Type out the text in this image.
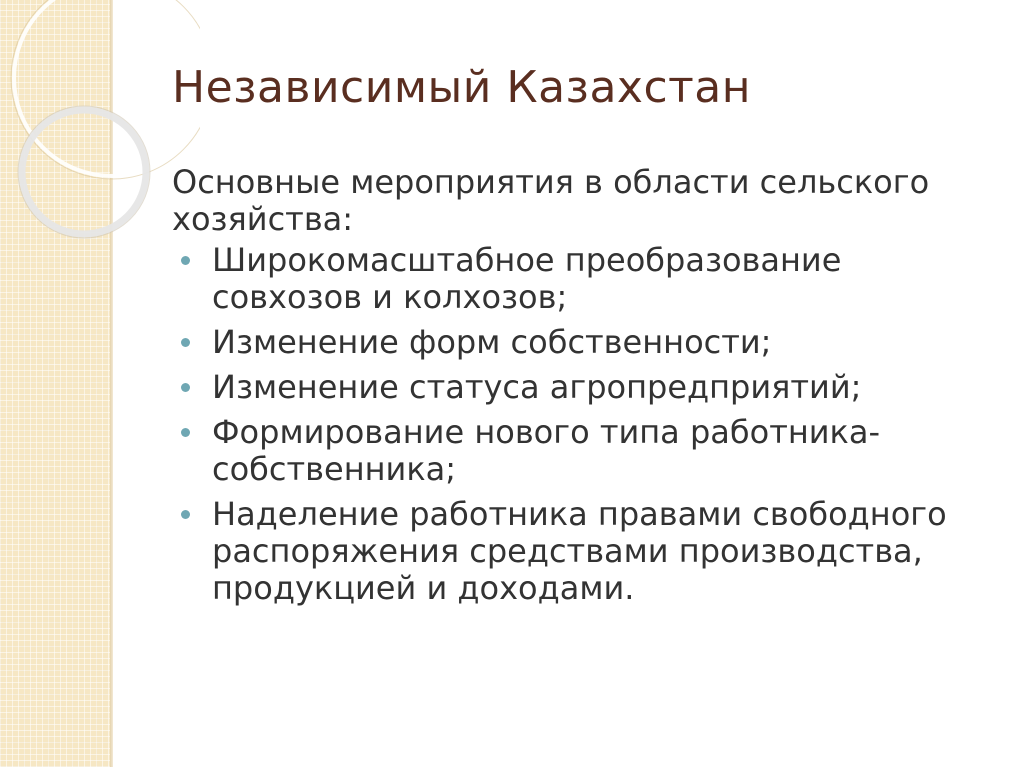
Независимый Казахстан

Основные мероприятия в области сельского хозяйства:

Широкомасштабное преобразование совхозов и колхозов;
Изменение форм собственности;
Изменение статуса агропредприятий;
Формирование нового типа работника-собственника;
Наделение работника правами свободного распоряжения средствами производства, продукцией и доходами.
